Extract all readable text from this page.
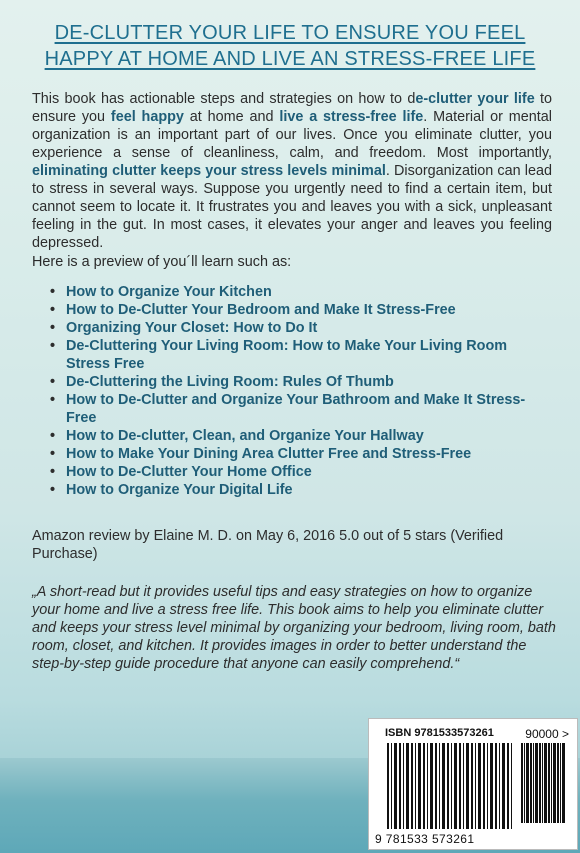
DE-CLUTTER YOUR LIFE TO ENSURE YOU FEEL
HAPPY AT HOME AND LIVE AN STRESS-FREE LIFE
This book has actionable steps and strategies on how to de-clutter your life to ensure you feel happy at home and live a stress-free life. Material or mental organization is an important part of our lives. Once you eliminate clutter, you experience a sense of cleanliness, calm, and freedom. Most importantly, eliminating clutter keeps your stress levels minimal. Disorganization can lead to stress in several ways. Suppose you urgently need to find a certain item, but cannot seem to locate it. It frustrates you and leaves you with a sick, unpleasant feeling in the gut. In most cases, it elevates your anger and leaves you feeling depressed.
Here is a preview of you´ll learn such as:
• How to Organize Your Kitchen
• How to De-Clutter Your Bedroom and Make It Stress-Free
• Organizing Your Closet: How to Do It
• De-Cluttering Your Living Room: How to Make Your Living Room Stress Free
• De-Cluttering the Living Room: Rules Of Thumb
• How to De-Clutter and Organize Your Bathroom and Make It Stress-Free
• How to De-clutter, Clean, and Organize Your Hallway
• How to Make Your Dining Area Clutter Free and Stress-Free
• How to De-Clutter Your Home Office
• How to Organize Your Digital Life
Amazon review by Elaine M. D. on May 6, 2016 5.0 out of 5 stars (Verified Purchase)
„A short-read but it provides useful tips and easy strategies on how to organize your home and live a stress free life. This book aims to help you eliminate clutter and keeps your stress level minimal by organizing your bedroom, living room, bath room, closet, and kitchen. It provides images in order to better understand the step-by-step guide procedure that anyone can easily comprehend.“
ISBN 9781533573261	90000 >
9 781533 573261
